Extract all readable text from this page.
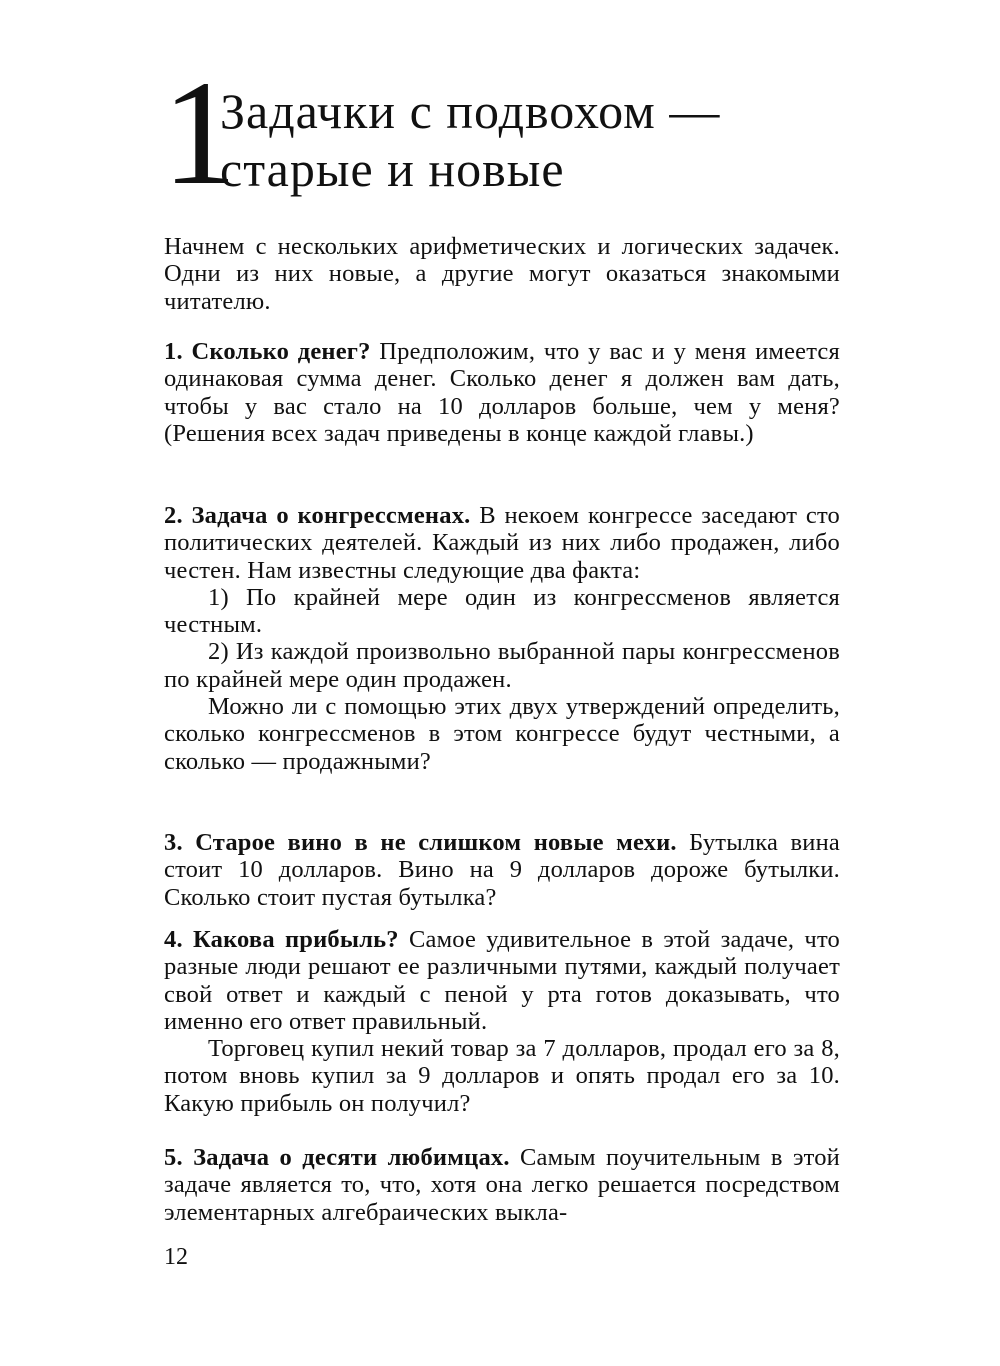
1
Задачки с подвохом —
старые и новые

Начнем с нескольких арифметических и логических задачек. Одни из них новые, а другие могут оказаться знакомыми читателю.

1. Сколько денег? Предположим, что у вас и у меня имеется одинаковая сумма денег. Сколько денег я должен вам дать, чтобы у вас стало на 10 долларов больше, чем у меня? (Решения всех задач приведены в конце каждой главы.)

2. Задача о конгрессменах. В некоем конгрессе заседают сто политических деятелей. Каждый из них либо продажен, либо честен. Нам известны следующие два факта:

1) По крайней мере один из конгрессменов является честным.

2) Из каждой произвольно выбранной пары конгрессменов по крайней мере один продажен.

Можно ли с помощью этих двух утверждений определить, сколько конгрессменов в этом конгрессе будут честными, а сколько — продажными?

3. Старое вино в не слишком новые мехи. Бутылка вина стоит 10 долларов. Вино на 9 долларов дороже бутылки. Сколько стоит пустая бутылка?

4. Какова прибыль? Самое удивительное в этой задаче, что разные люди решают ее различными путями, каждый получает свой ответ и каждый с пеной у рта готов доказывать, что именно его ответ правильный.

Торговец купил некий товар за 7 долларов, продал его за 8, потом вновь купил за 9 долларов и опять продал его за 10. Какую прибыль он получил?

5. Задача о десяти любимцах. Самым поучительным в этой задаче является то, что, хотя она легко решается посредством элементарных алгебраических выкла-

12
